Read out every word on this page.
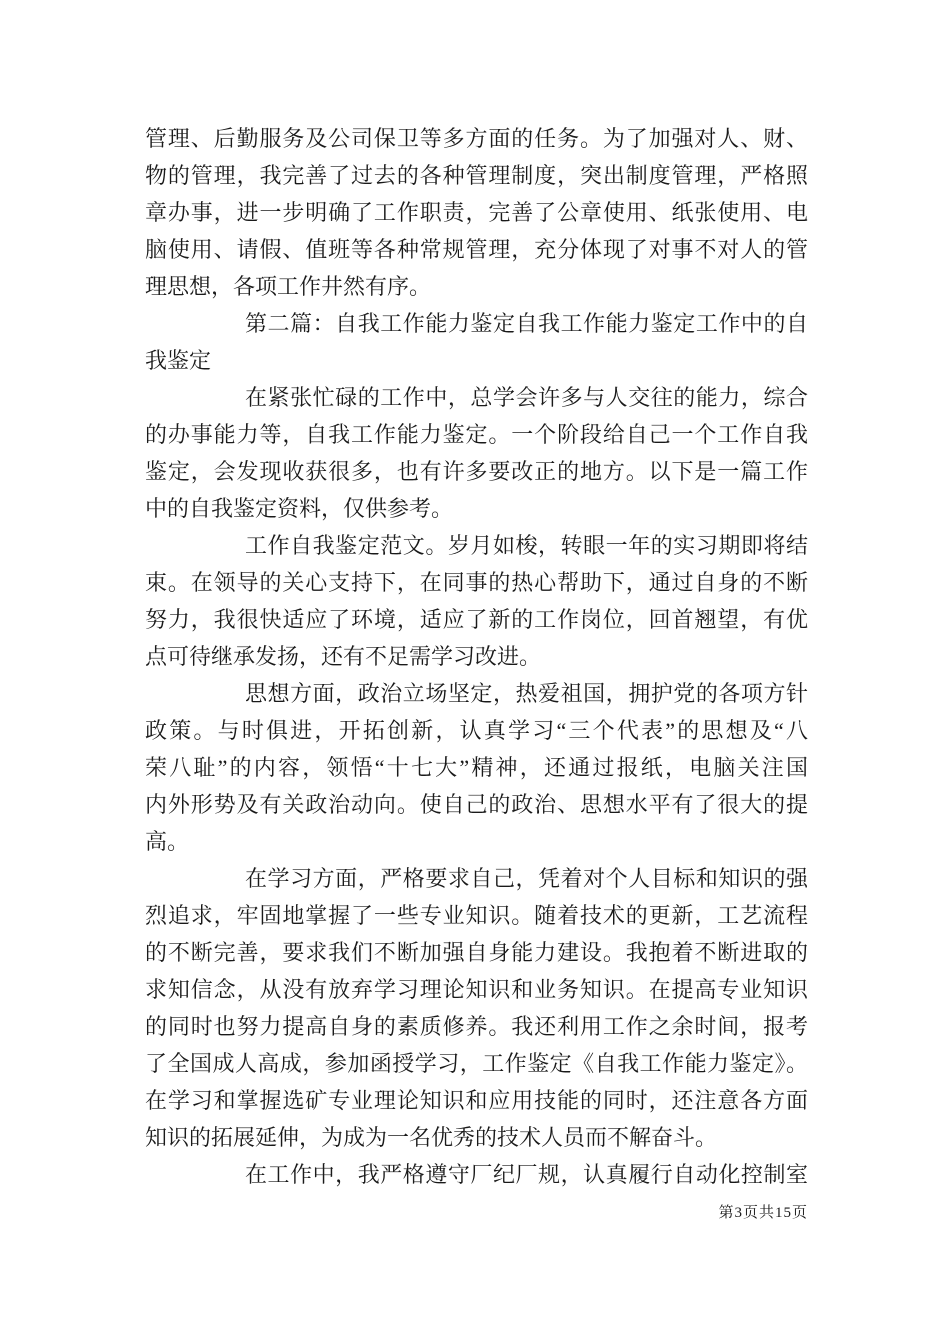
管理、后勤服务及公司保卫等多方面的任务。为了加强对人、财、
物的管理，我完善了过去的各种管理制度，突出制度管理，严格照
章办事，进一步明确了工作职责，完善了公章使用、纸张使用、电
脑使用、请假、值班等各种常规管理，充分体现了对事不对人的管
理思想，各项工作井然有序。
第二篇：自我工作能力鉴定自我工作能力鉴定工作中的自
我鉴定
在紧张忙碌的工作中，总学会许多与人交往的能力，综合
的办事能力等，自我工作能力鉴定。一个阶段给自己一个工作自我
鉴定，会发现收获很多，也有许多要改正的地方。以下是一篇工作
中的自我鉴定资料，仅供参考。
工作自我鉴定范文。岁月如梭，转眼一年的实习期即将结
束。在领导的关心支持下，在同事的热心帮助下，通过自身的不断
努力，我很快适应了环境，适应了新的工作岗位，回首翘望，有优
点可待继承发扬，还有不足需学习改进。
思想方面，政治立场坚定，热爱祖国，拥护党的各项方针
政策。与时俱进，开拓创新，认真学习“三个代表”的思想及“八
荣八耻”的内容，领悟“十七大”精神，还通过报纸，电脑关注国
内外形势及有关政治动向。使自己的政治、思想水平有了很大的提
高。
在学习方面，严格要求自己，凭着对个人目标和知识的强
烈追求，牢固地掌握了一些专业知识。随着技术的更新，工艺流程
的不断完善，要求我们不断加强自身能力建设。我抱着不断进取的
求知信念，从没有放弃学习理论知识和业务知识。在提高专业知识
的同时也努力提高自身的素质修养。我还利用工作之余时间，报考
了全国成人高成，参加函授学习，工作鉴定《自我工作能力鉴定》。
在学习和掌握选矿专业理论知识和应用技能的同时，还注意各方面
知识的拓展延伸，为成为一名优秀的技术人员而不解奋斗。
在工作中，我严格遵守厂纪厂规，认真履行自动化控制室
第3页共15页
